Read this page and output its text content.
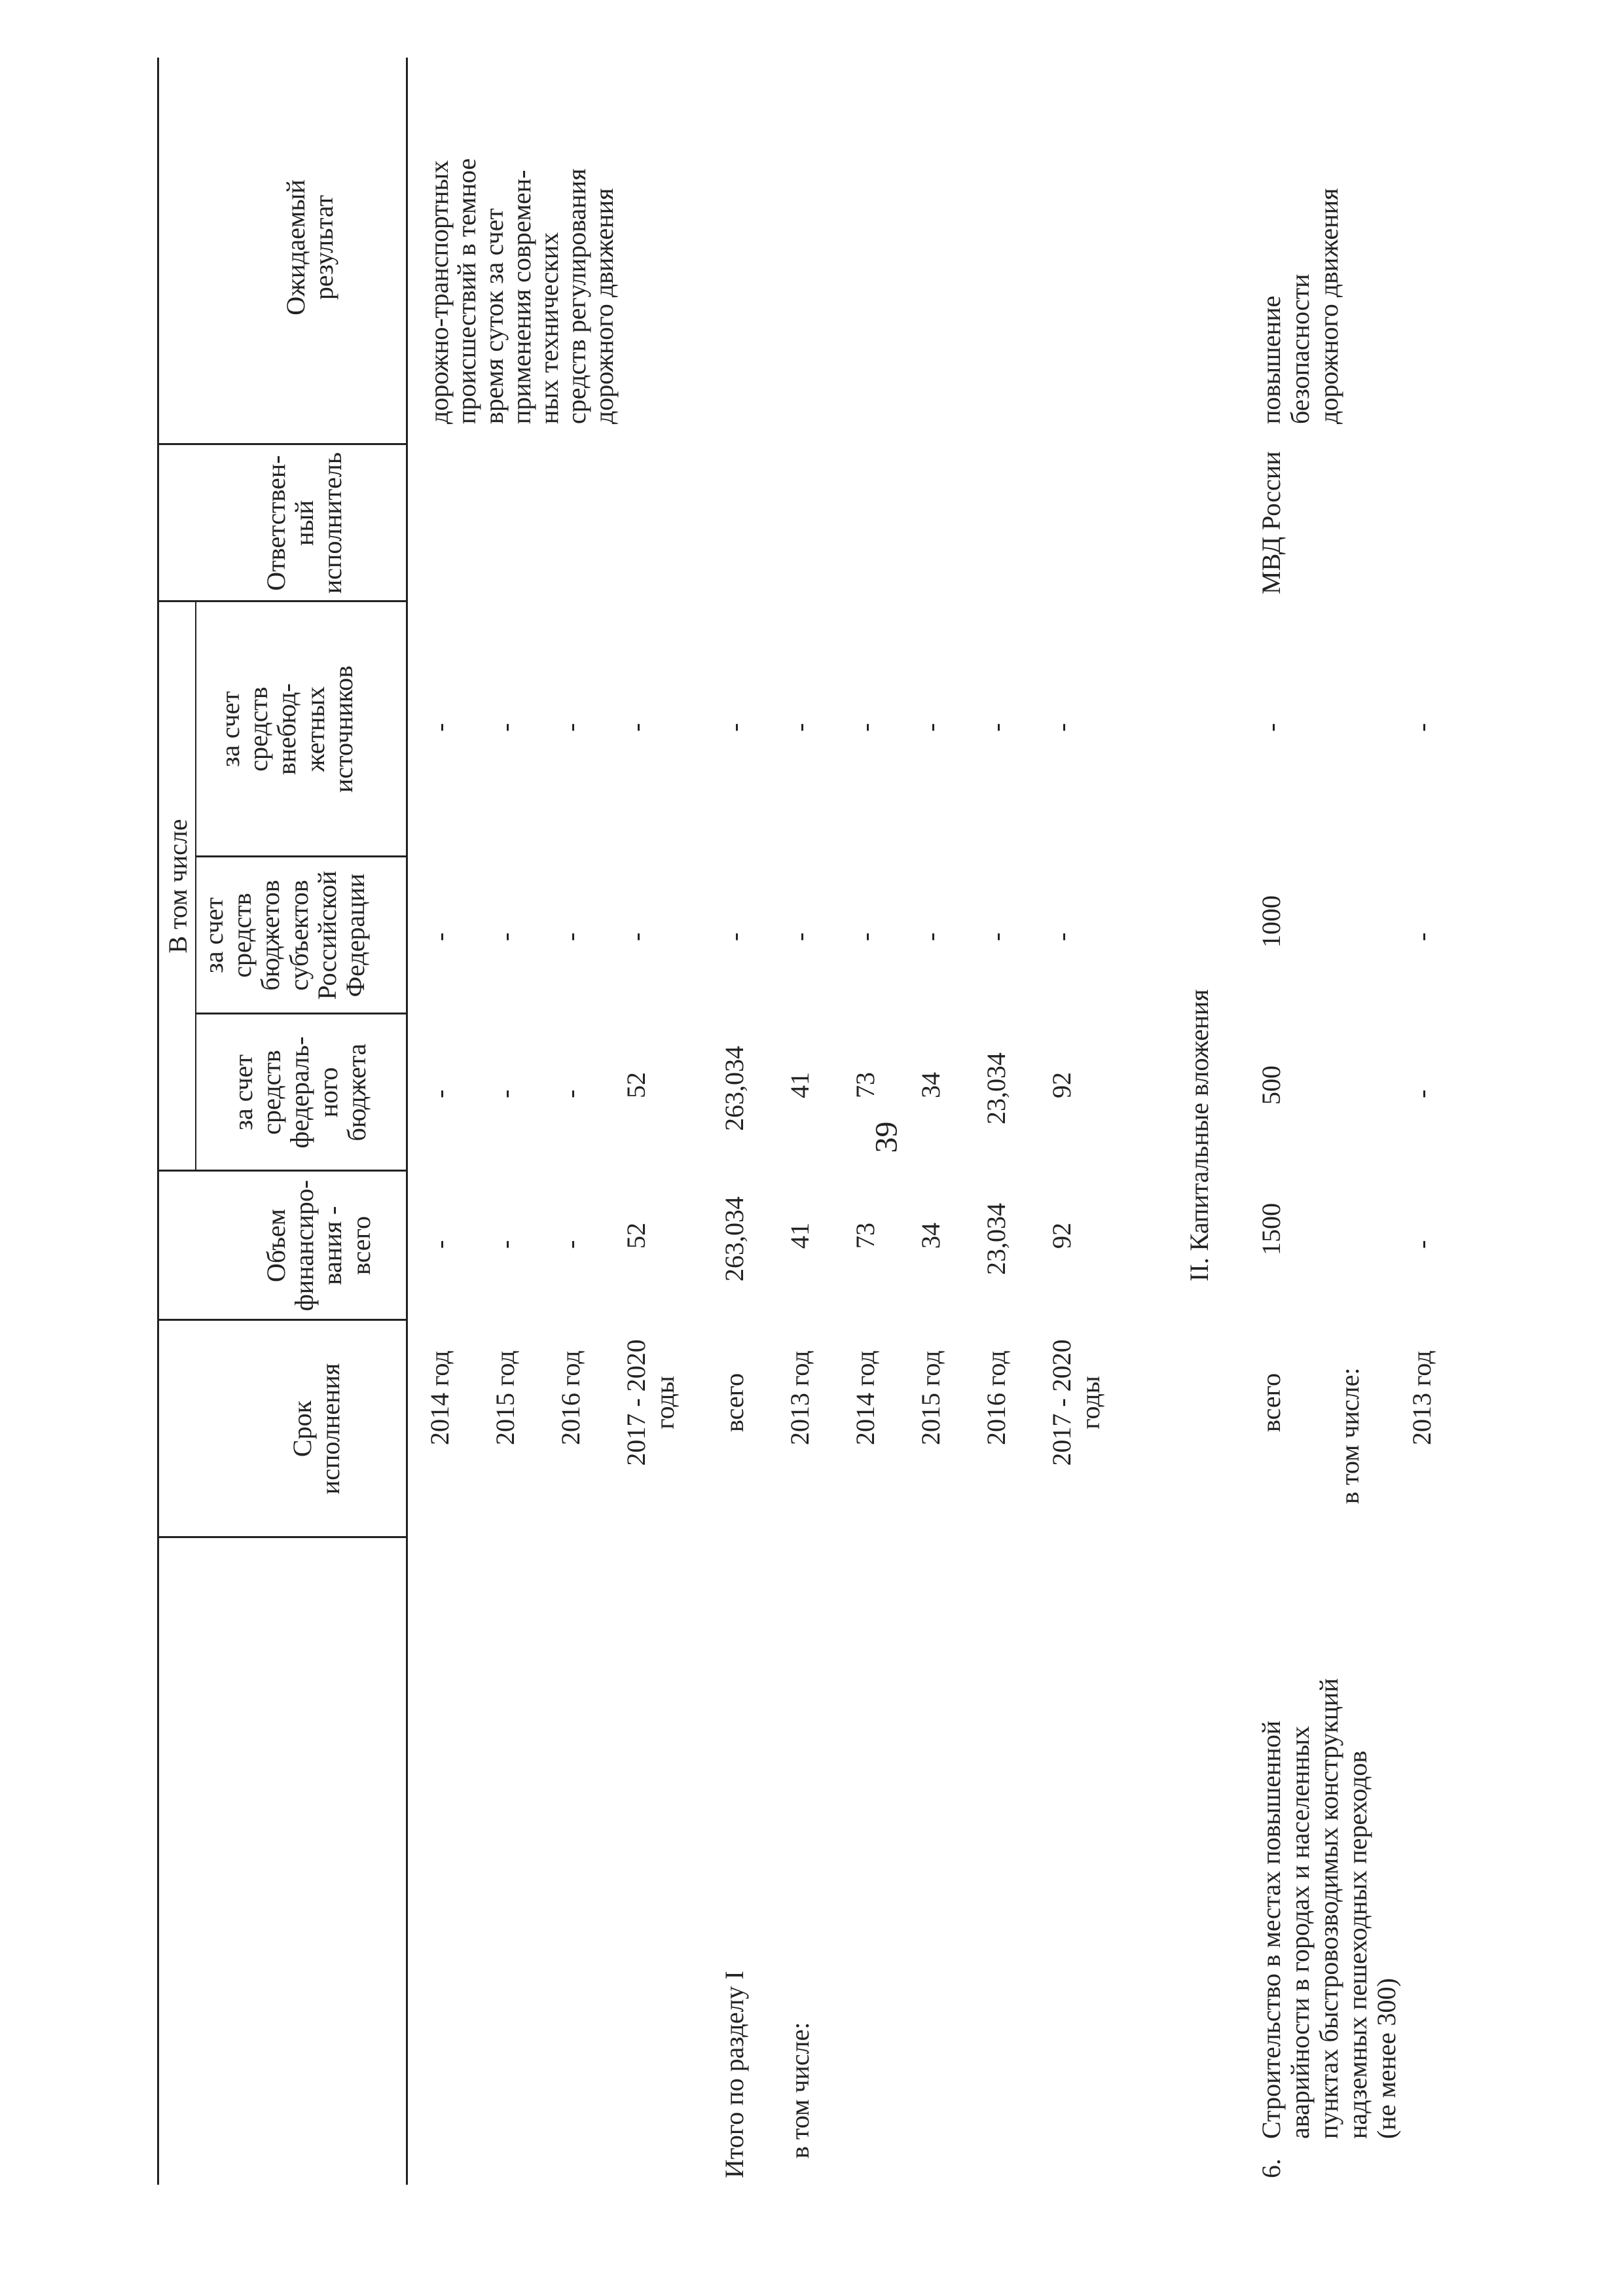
39
Срок
исполнения
Объем
финансиро-
вания -
всего
В том числе
за счет
средств
федераль-
ного
бюджета
за счет
средств
бюджетов
субъектов
Российской
Федерации
за счет
средств
внебюд-
жетных
источников
Ответствен-
ный
исполнитель
Ожидаемый
результат	дорожно-транспортных
происшествий в темное
время суток за счет
применения современ-
ных технических
средств регулирования
дорожного движения
2014 год
-
-
-
-
2015 год
-
-
-
-
2016 год
-
-
-
-
2017 - 2020
годы
52
52
-
-
Итого по разделу I в том числе:
всего
263,034
263,034
-
-
2013 год
41
41
-
-
2014 год
73
73
-
-
2015 год
34
34
-
-
2016 год
23,034
23,034
-
-
2017 - 2020
годы
92
92
-
-
II. Капитальные вложения
6.
Строительство в местах повышенной
аварийности в городах и населенных
пунктах быстровозводимых конструкций
надземных пешеходных переходов
(не менее 300)
всего
1500
500
1000
-
МВД России
повышение
безопасности
дорожного движения
в том числе: 2013 год
-
-
-
-
